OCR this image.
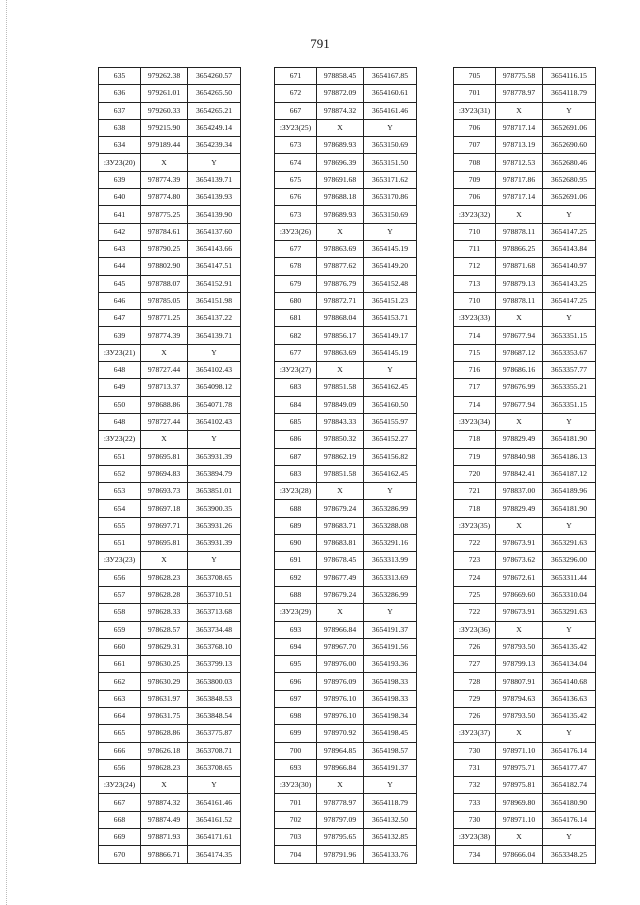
791
635	979262.38	3654260.57
636	979261.01	3654265.50
637	979260.33	3654265.21
638	979215.90	3654249.14
634	979189.44	3654239.34
:ЗУ23(20)	X	Y
639	978774.39	3654139.71
640	978774.80	3654139.93
641	978775.25	3654139.90
642	978784.61	3654137.60
643	978790.25	3654143.66
644	978802.90	3654147.51
645	978788.07	3654152.91
646	978785.05	3654151.98
647	978771.25	3654137.22
639	978774.39	3654139.71
:ЗУ23(21)	X	Y
648	978727.44	3654102.43
649	978713.37	3654098.12
650	978688.86	3654071.78
648	978727.44	3654102.43
:ЗУ23(22)	X	Y
651	978695.81	3653931.39
652	978694.83	3653894.79
653	978693.73	3653851.01
654	978697.18	3653900.35
655	978697.71	3653931.26
651	978695.81	3653931.39
:ЗУ23(23)	X	Y
656	978628.23	3653708.65
657	978628.28	3653710.51
658	978628.33	3653713.68
659	978628.57	3653734.48
660	978629.31	3653768.10
661	978630.25	3653799.13
662	978630.29	3653800.03
663	978631.97	3653848.53
664	978631.75	3653848.54
665	978628.86	3653775.87
666	978626.18	3653708.71
656	978628.23	3653708.65
:ЗУ23(24)	X	Y
667	978874.32	3654161.46
668	978874.49	3654161.52
669	978871.93	3654171.61
670	978866.71	3654174.35
671	978858.45	3654167.85
672	978872.09	3654160.61
667	978874.32	3654161.46
:ЗУ23(25)	X	Y
673	978689.93	3653150.69
674	978696.39	3653151.50
675	978691.68	3653171.62
676	978688.18	3653170.86
673	978689.93	3653150.69
:ЗУ23(26)	X	Y
677	978863.69	3654145.19
678	978877.62	3654149.20
679	978876.79	3654152.48
680	978872.71	3654151.23
681	978868.04	3654153.71
682	978856.17	3654149.17
677	978863.69	3654145.19
:ЗУ23(27)	X	Y
683	978851.58	3654162.45
684	978849.09	3654160.50
685	978843.33	3654155.97
686	978850.32	3654152.27
687	978862.19	3654156.82
683	978851.58	3654162.45
:ЗУ23(28)	X	Y
688	978679.24	3653286.99
689	978683.71	3653288.08
690	978683.81	3653291.16
691	978678.45	3653313.99
692	978677.49	3653313.69
688	978679.24	3653286.99
:ЗУ23(29)	X	Y
693	978966.84	3654191.37
694	978967.70	3654191.56
695	978976.00	3654193.36
696	978976.09	3654198.33
697	978976.10	3654198.33
698	978976.10	3654198.34
699	978970.92	3654198.45
700	978964.85	3654198.57
693	978966.84	3654191.37
:ЗУ23(30)	X	Y
701	978778.97	3654118.79
702	978797.09	3654132.50
703	978795.65	3654132.85
704	978791.96	3654133.76
705	978775.58	3654116.15
701	978778.97	3654118.79
:ЗУ23(31)	X	Y
706	978717.14	3652691.06
707	978713.19	3652690.60
708	978712.53	3652680.46
709	978717.86	3652680.95
706	978717.14	3652691.06
:ЗУ23(32)	X	Y
710	978878.11	3654147.25
711	978866.25	3654143.84
712	978871.68	3654140.97
713	978879.13	3654143.25
710	978878.11	3654147.25
:ЗУ23(33)	X	Y
714	978677.94	3653351.15
715	978687.12	3653353.67
716	978686.16	3653357.77
717	978676.99	3653355.21
714	978677.94	3653351.15
:ЗУ23(34)	X	Y
718	978829.49	3654181.90
719	978840.98	3654186.13
720	978842.41	3654187.12
721	978837.00	3654189.96
718	978829.49	3654181.90
:ЗУ23(35)	X	Y
722	978673.91	3653291.63
723	978673.62	3653296.00
724	978672.61	3653311.44
725	978669.60	3653310.04
722	978673.91	3653291.63
:ЗУ23(36)	X	Y
726	978793.50	3654135.42
727	978799.13	3654134.04
728	978807.91	3654140.68
729	978794.63	3654136.63
726	978793.50	3654135.42
:ЗУ23(37)	X	Y
730	978971.10	3654176.14
731	978975.71	3654177.47
732	978975.81	3654182.74
733	978969.80	3654180.90
730	978971.10	3654176.14
:ЗУ23(38)	X	Y
734	978666.04	3653348.25
